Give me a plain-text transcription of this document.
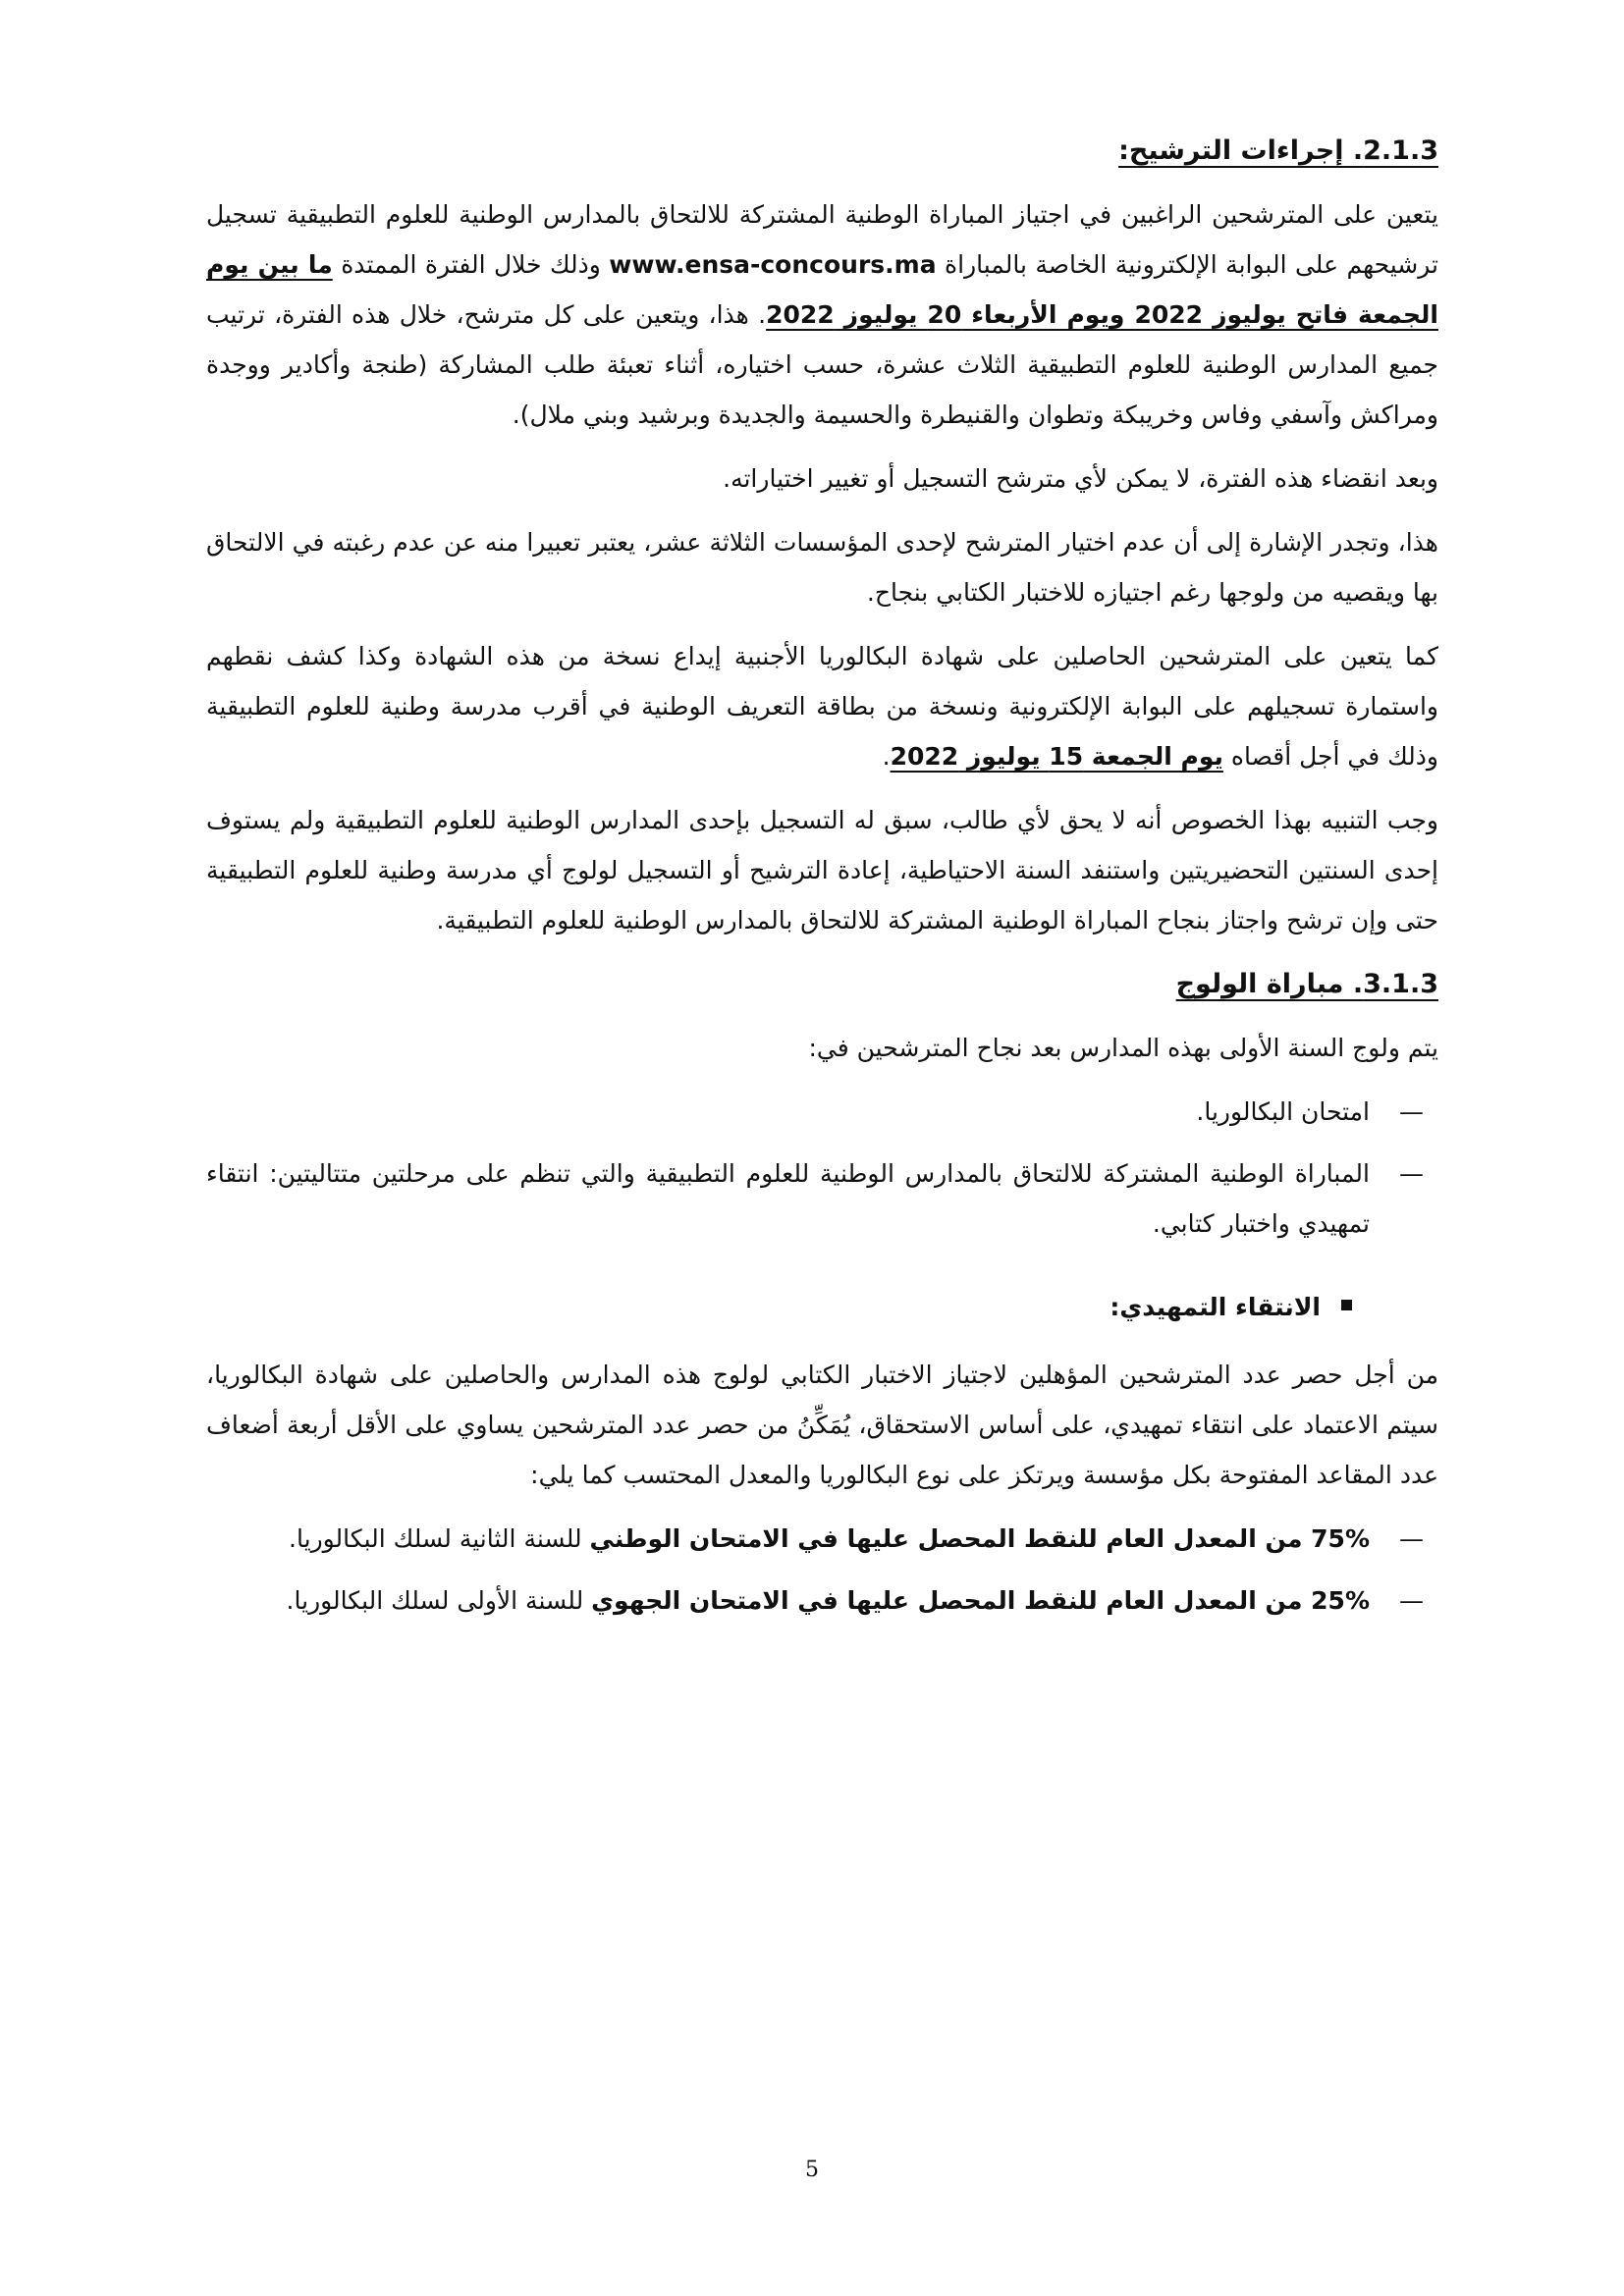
2.1.3. إجراءات الترشيح:

يتعين على المترشحين الراغبين في اجتياز المباراة الوطنية المشتركة للالتحاق بالمدارس الوطنية للعلوم التطبيقية تسجيل ترشيحهم على البوابة الإلكترونية الخاصة بالمباراة www.ensa-concours.ma وذلك خلال الفترة الممتدة ما بين يوم الجمعة فاتح يوليوز 2022 ويوم الأربعاء 20 يوليوز 2022. هذا، ويتعين على كل مترشح، خلال هذه الفترة، ترتيب جميع المدارس الوطنية للعلوم التطبيقية الثلاث عشرة، حسب اختياره، أثناء تعبئة طلب المشاركة (طنجة وأكادير ووجدة ومراكش وآسفي وفاس وخريبكة وتطوان والقنيطرة والحسيمة والجديدة وبرشيد وبني ملال).

وبعد انقضاء هذه الفترة، لا يمكن لأي مترشح التسجيل أو تغيير اختياراته.

هذا، وتجدر الإشارة إلى أن عدم اختيار المترشح لإحدى المؤسسات الثلاثة عشر، يعتبر تعبيرا منه عن عدم رغبته في الالتحاق بها ويقصيه من ولوجها رغم اجتيازه للاختبار الكتابي بنجاح.

كما يتعين على المترشحين الحاصلين على شهادة البكالوريا الأجنبية إيداع نسخة من هذه الشهادة وكذا كشف نقطهم واستمارة تسجيلهم على البوابة الإلكترونية ونسخة من بطاقة التعريف الوطنية في أقرب مدرسة وطنية للعلوم التطبيقية وذلك في أجل أقصاه يوم الجمعة 15 يوليوز 2022.

وجب التنبيه بهذا الخصوص أنه لا يحق لأي طالب، سبق له التسجيل بإحدى المدارس الوطنية للعلوم التطبيقية ولم يستوف إحدى السنتين التحضيريتين واستنفد السنة الاحتياطية، إعادة الترشيح أو التسجيل لولوج أي مدرسة وطنية للعلوم التطبيقية حتى وإن ترشح واجتاز بنجاح المباراة الوطنية المشتركة للالتحاق بالمدارس الوطنية للعلوم التطبيقية.

3.1.3. مباراة الولوج

يتم ولوج السنة الأولى بهذه المدارس بعد نجاح المترشحين في:

— امتحان البكالوريا.
— المباراة الوطنية المشتركة للالتحاق بالمدارس الوطنية للعلوم التطبيقية والتي تنظم على مرحلتين متتاليتين: انتقاء تمهيدي واختبار كتابي.
الانتقاء التمهيدي:

من أجل حصر عدد المترشحين المؤهلين لاجتياز الاختبار الكتابي لولوج هذه المدارس والحاصلين على شهادة البكالوريا، سيتم الاعتماد على انتقاء تمهيدي، على أساس الاستحقاق، يُمَكِّنُ من حصر عدد المترشحين يساوي على الأقل أربعة أضعاف عدد المقاعد المفتوحة بكل مؤسسة ويرتكز على نوع البكالوريا والمعدل المحتسب كما يلي:

— 75% من المعدل العام للنقط المحصل عليها في الامتحان الوطني للسنة الثانية لسلك البكالوريا.
— 25% من المعدل العام للنقط المحصل عليها في الامتحان الجهوي للسنة الأولى لسلك البكالوريا.
5
